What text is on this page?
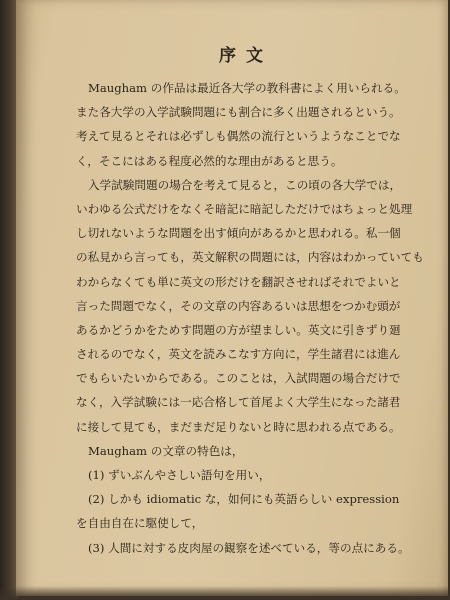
序文
Maugham の作品は最近各大学の教科書によく用いられる。
また各大学の入学試験問題にも割合に多く出題されるという。
考えて見るとそれは必ずしも偶然の流行というようなことでな
く，そこにはある程度必然的な理由があると思う。
入学試験問題の場合を考えて見ると，この頃の各大学では，
いわゆる公式だけをなくそ暗記に暗記しただけではちょっと処理
し切れないような問題を出す傾向があるかと思われる。私一個
の私見から言っても，英文解釈の問題には，内容はわかっていても
わからなくても単に英文の形だけを翻訳させればそれでよいと
言った問題でなく，その文章の内容あるいは思想をつかむ頭が
あるかどうかをためす問題の方が望ましい。英文に引きずり廻
されるのでなく，英文を読みこなす方向に，学生諸君には進ん
でもらいたいからである。このことは，入試問題の場合だけで
なく，入学試験には一応合格して首尾よく大学生になった諸君
に接して見ても，まだまだ足りないと時に思われる点である。
Maugham の文章の特色は，
(1) ずいぶんやさしい語句を用い，
(2) しかも idiomatic な，如何にも英語らしい expression
を自由自在に駆使して，
(3) 人間に対する皮肉屋の観察を述べている，等の点にある。
